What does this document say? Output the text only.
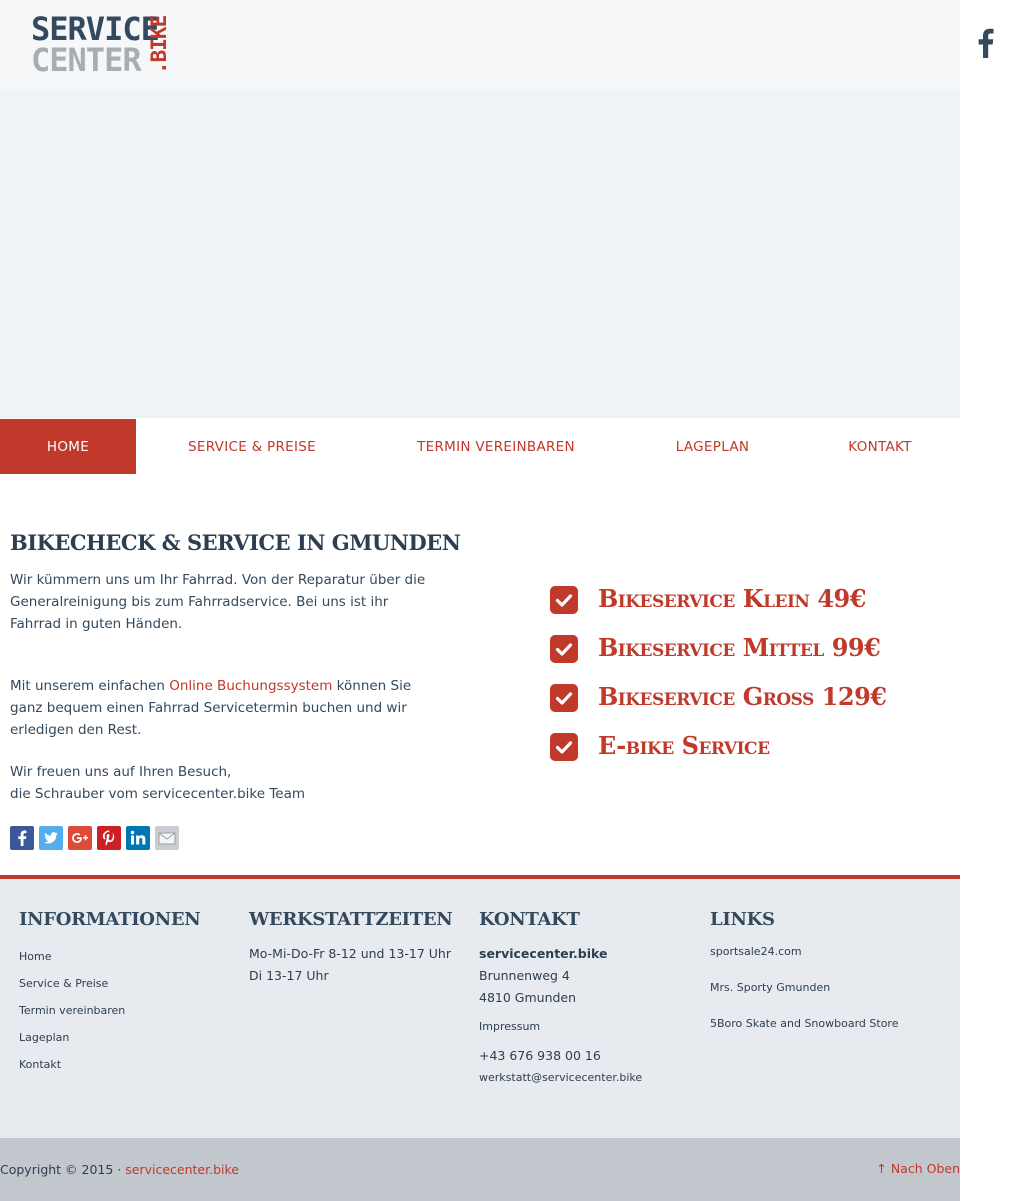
SERVICE
CENTER .BIKE
HOME	SERVICE & PREISE	TERMIN VEREINBAREN	LAGEPLAN	KONTAKT
BIKECHECK & SERVICE IN GMUNDEN

Wir kümmern uns um Ihr Fahrrad. Von der Reparatur über die Generalreinigung bis zum Fahrradservice. Bei uns ist ihr Fahrrad in guten Händen.

Mit unserem einfachen Online Buchungssystem können Sie ganz bequem einen Fahrrad Servicetermin buchen und wir erledigen den Rest.

Wir freuen uns auf Ihren Besuch,
die Schrauber vom servicecenter.bike Team

Bikeservice Klein 49€
Bikeservice Mittel 99€
Bikeservice Gross 129€
E-bike Service
INFORMATIONEN
Home
Service & Preise
Termin vereinbaren
Lageplan
Kontakt
WERKSTATTZEITEN
Mo-Mi-Do-Fr 8-12 und 13-17 Uhr
Di 13-17 Uhr
KONTAKT
servicecenter.bike
Brunnenweg 4
4810 Gmunden
Impressum
+43 676 938 00 16
werkstatt@servicecenter.bike
LINKS
sportsale24.com
Mrs. Sporty Gmunden
5Boro Skate and Snowboard Store
Copyright © 2015 · servicecenter.bike	↑ Nach Oben
